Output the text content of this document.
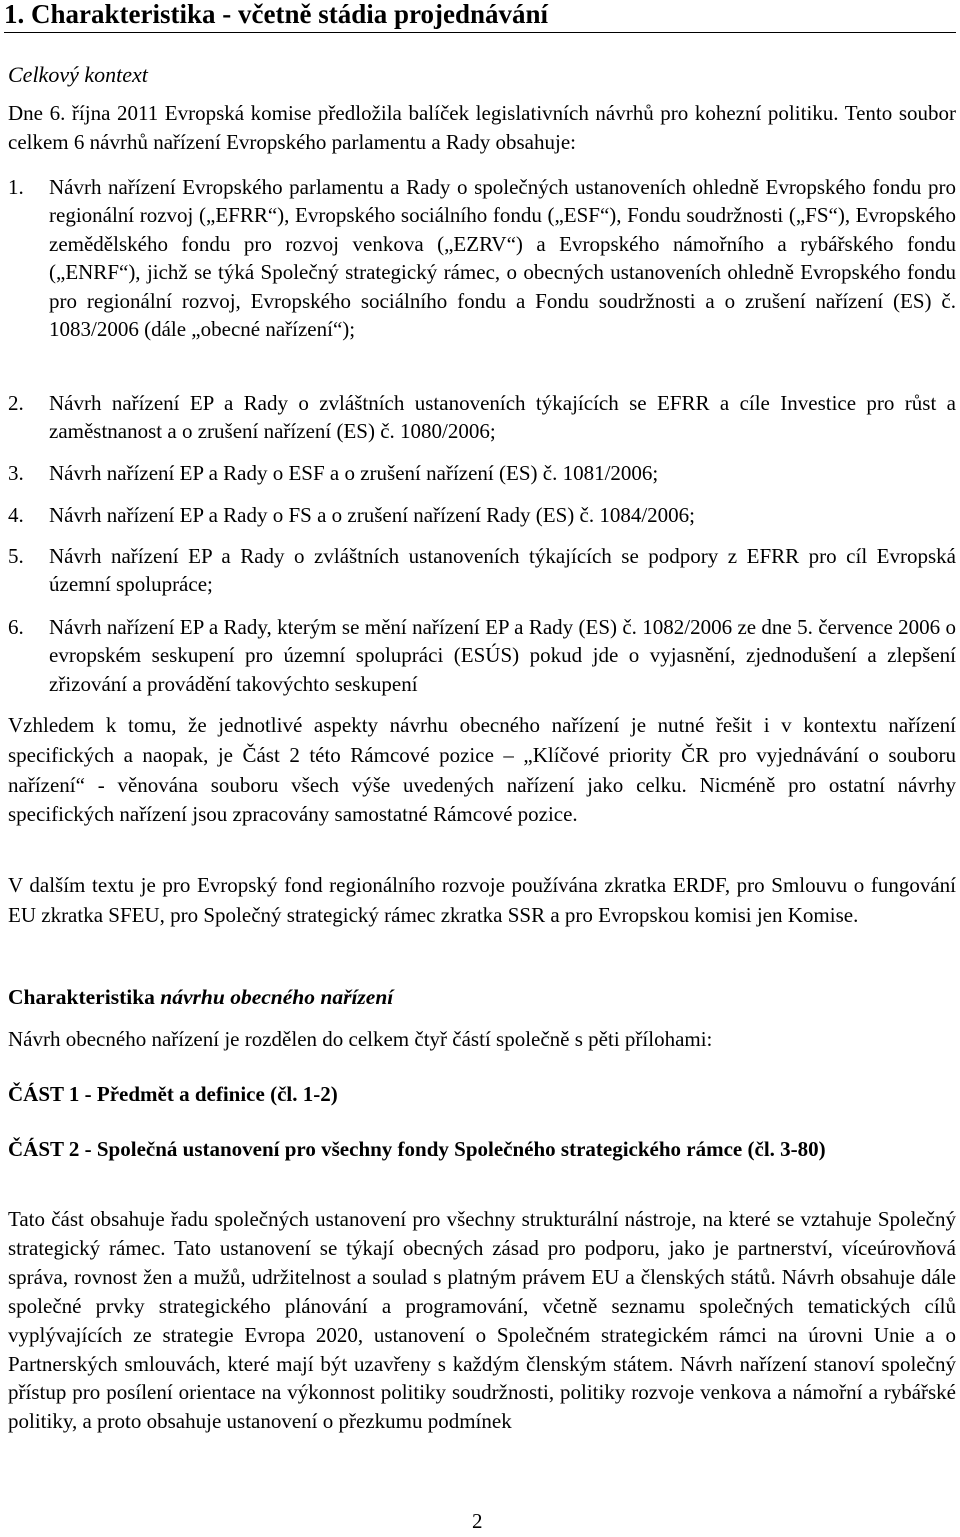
1. Charakteristika - včetně stádia projednávání
Celkový kontext

Dne 6. října 2011 Evropská komise předložila balíček legislativních návrhů pro kohezní politiku. Tento soubor celkem 6 návrhů nařízení Evropského parlamentu a Rady obsahuje:

1. Návrh nařízení Evropského parlamentu a Rady o společných ustanoveních ohledně Evropského fondu pro regionální rozvoj („EFRR“), Evropského sociálního fondu („ESF“), Fondu soudržnosti („FS“), Evropského zemědělského fondu pro rozvoj venkova („EZRV“) a Evropského námořního a rybářského fondu („ENRF“), jichž se týká Společný strategický rámec, o obecných ustanoveních ohledně Evropského fondu pro regionální rozvoj, Evropského sociálního fondu a Fondu soudržnosti a o zrušení nařízení (ES) č. 1083/2006 (dále „obecné nařízení“);
2. Návrh nařízení EP a Rady o zvláštních ustanoveních týkajících se EFRR a cíle Investice pro růst a zaměstnanost a o zrušení nařízení (ES) č. 1080/2006;
3. Návrh nařízení EP a Rady o ESF a o zrušení nařízení (ES) č. 1081/2006;
4. Návrh nařízení EP a Rady o FS a o zrušení nařízení Rady (ES) č. 1084/2006;
5. Návrh nařízení EP a Rady o zvláštních ustanoveních týkajících se podpory z EFRR pro cíl Evropská územní spolupráce;
6. Návrh nařízení EP a Rady, kterým se mění nařízení EP a Rady (ES) č. 1082/2006 ze dne 5. července 2006 o evropském seskupení pro územní spolupráci (ESÚS) pokud jde o vyjasnění, zjednodušení a zlepšení zřizování a provádění takovýchto seskupení

Vzhledem k tomu, že jednotlivé aspekty návrhu obecného nařízení je nutné řešit i v kontextu nařízení specifických a naopak, je Část 2 této Rámcové pozice – „Klíčové priority ČR pro vyjednávání o souboru nařízení“ - věnována souboru všech výše uvedených nařízení jako celku. Nicméně pro ostatní návrhy specifických nařízení jsou zpracovány samostatné Rámcové pozice.

V dalším textu je pro Evropský fond regionálního rozvoje používána zkratka ERDF, pro Smlouvu o fungování EU zkratka SFEU, pro Společný strategický rámec zkratka SSR a pro Evropskou komisi jen Komise.

Charakteristika návrhu obecného nařízení

Návrh obecného nařízení je rozdělen do celkem čtyř částí společně s pěti přílohami:

ČÁST 1 - Předmět a definice (čl. 1-2)
ČÁST 2 - Společná ustanovení pro všechny fondy Společného strategického rámce (čl. 3-80)

Tato část obsahuje řadu společných ustanovení pro všechny strukturální nástroje, na které se vztahuje Společný strategický rámec. Tato ustanovení se týkají obecných zásad pro podporu, jako je partnerství, víceúrovňová správa, rovnost žen a mužů, udržitelnost a soulad s platným právem EU a členských států. Návrh obsahuje dále společné prvky strategického plánování a programování, včetně seznamu společných tematických cílů vyplývajících ze strategie Evropa 2020, ustanovení o Společném strategickém rámci na úrovni Unie a o Partnerských smlouvách, které mají být uzavřeny s každým členským státem. Návrh nařízení stanoví společný přístup pro posílení orientace na výkonnost politiky soudržnosti, politiky rozvoje venkova a námořní a rybářské politiky, a proto obsahuje ustanovení o přezkumu podmínek

2
